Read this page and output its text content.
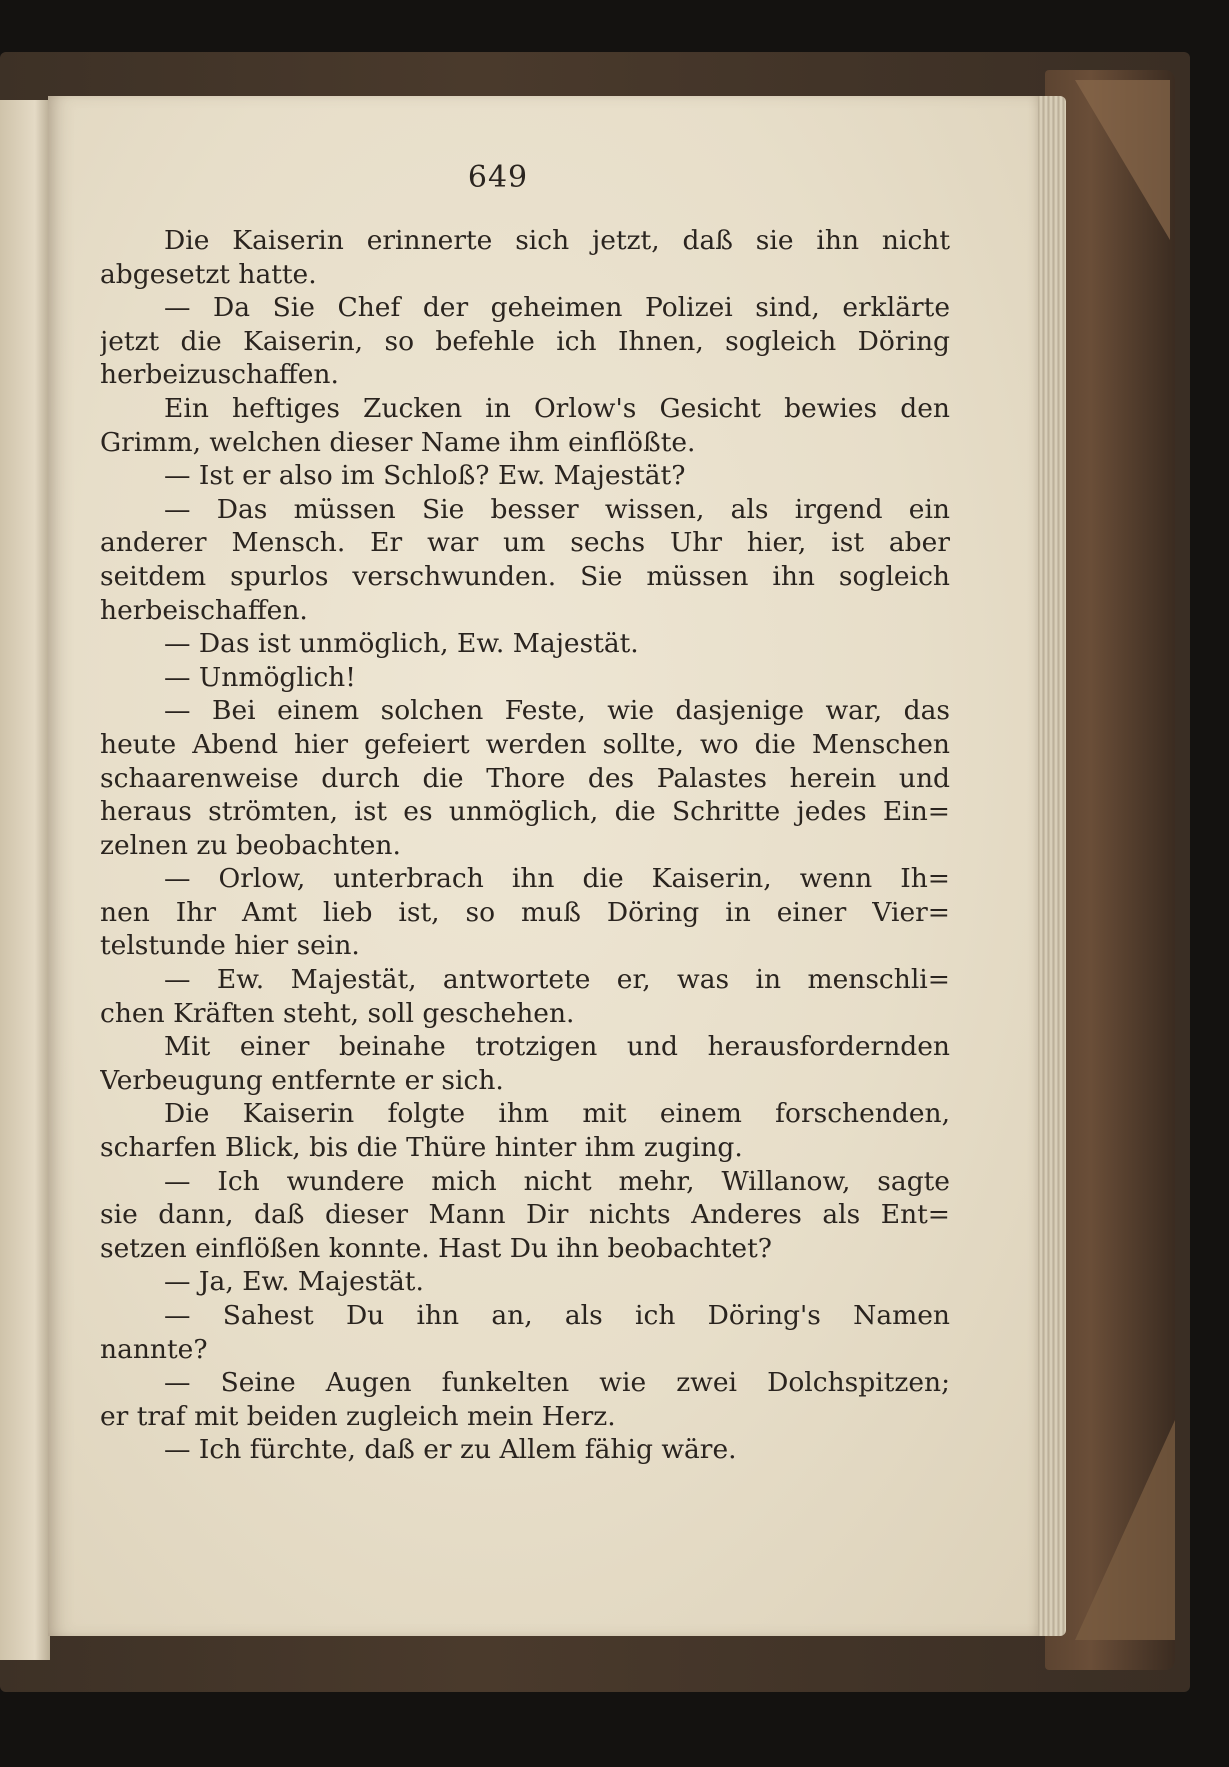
649
Die Kaiserin erinnerte sich jetzt, daß sie ihn nicht
abgesetzt hatte.
— Da Sie Chef der geheimen Polizei sind, erklärte
jetzt die Kaiserin, so befehle ich Ihnen, sogleich Döring
herbeizuschaffen.
Ein heftiges Zucken in Orlow's Gesicht bewies den
Grimm, welchen dieser Name ihm einflößte.
— Ist er also im Schloß? Ew. Majestät?
— Das müssen Sie besser wissen, als irgend ein
anderer Mensch. Er war um sechs Uhr hier, ist aber
seitdem spurlos verschwunden. Sie müssen ihn sogleich
herbeischaffen.
— Das ist unmöglich, Ew. Majestät.
— Unmöglich!
— Bei einem solchen Feste, wie dasjenige war, das
heute Abend hier gefeiert werden sollte, wo die Menschen
schaarenweise durch die Thore des Palastes herein und
heraus strömten, ist es unmöglich, die Schritte jedes Ein=
zelnen zu beobachten.
— Orlow, unterbrach ihn die Kaiserin, wenn Ih=
nen Ihr Amt lieb ist, so muß Döring in einer Vier=
telstunde hier sein.
— Ew. Majestät, antwortete er, was in menschli=
chen Kräften steht, soll geschehen.
Mit einer beinahe trotzigen und herausfordernden
Verbeugung entfernte er sich.
Die Kaiserin folgte ihm mit einem forschenden,
scharfen Blick, bis die Thüre hinter ihm zuging.
— Ich wundere mich nicht mehr, Willanow, sagte
sie dann, daß dieser Mann Dir nichts Anderes als Ent=
setzen einflößen konnte. Hast Du ihn beobachtet?
— Ja, Ew. Majestät.
— Sahest Du ihn an, als ich Döring's Namen
nannte?
— Seine Augen funkelten wie zwei Dolchspitzen;
er traf mit beiden zugleich mein Herz.
— Ich fürchte, daß er zu Allem fähig wäre.
